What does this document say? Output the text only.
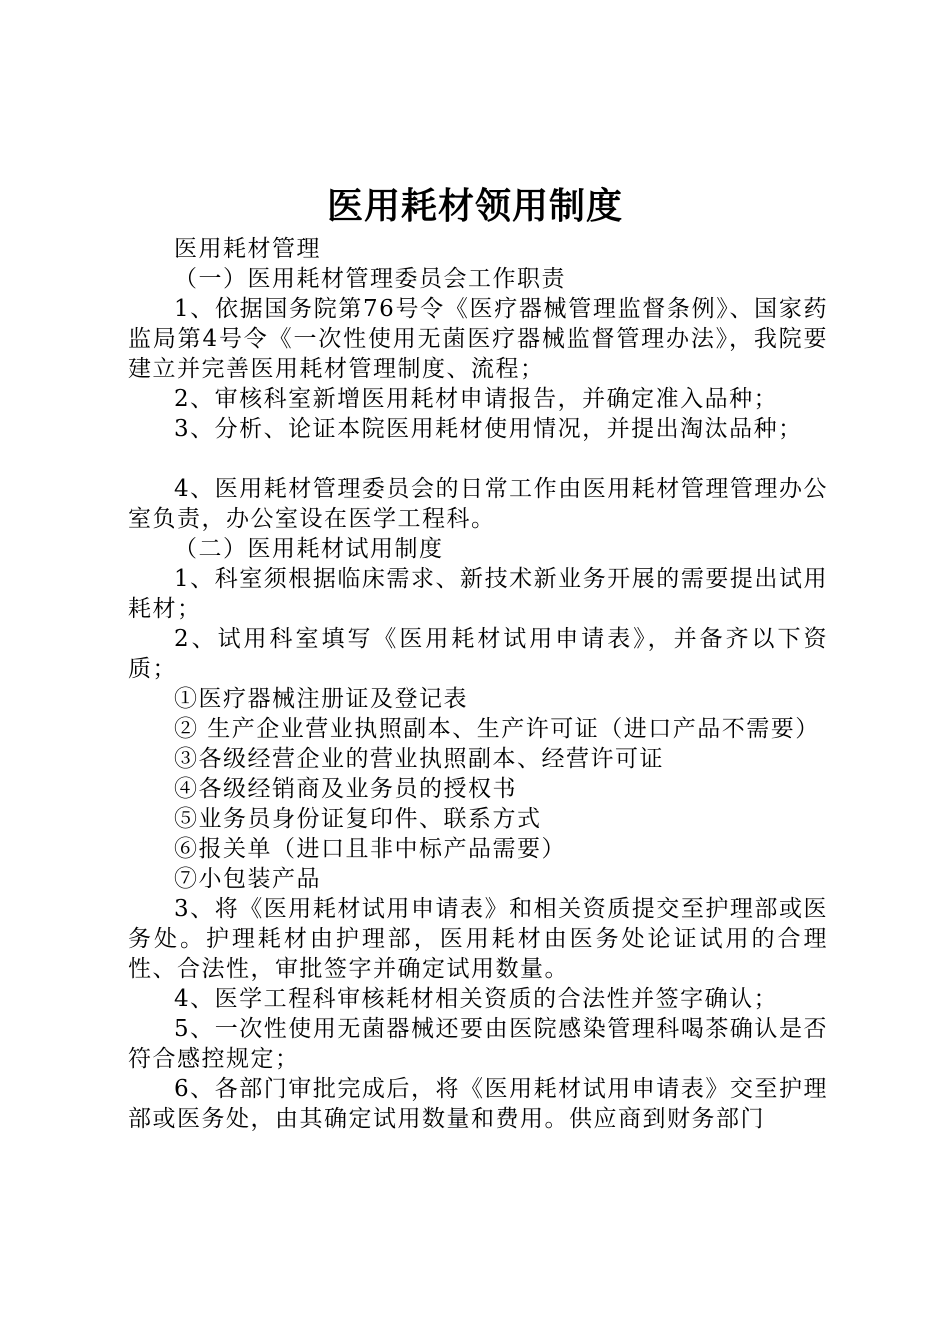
医用耗材领用制度

医用耗材管理

（一）医用耗材管理委员会工作职责

1、依据国务院第76号令《医疗器械管理监督条例》、国家药监局第4号令《一次性使用无菌医疗器械监督管理办法》，我院要建立并完善医用耗材管理制度、流程；

2、审核科室新增医用耗材申请报告，并确定准入品种；

3、分析、论证本院医用耗材使用情况，并提出淘汰品种；

4、医用耗材管理委员会的日常工作由医用耗材管理管理办公室负责，办公室设在医学工程科。

（二）医用耗材试用制度

1、科室须根据临床需求、新技术新业务开展的需要提出试用耗材；

2、试用科室填写《医用耗材试用申请表》，并备齐以下资质；

①医疗器械注册证及登记表

② 生产企业营业执照副本、生产许可证（进口产品不需要）

③各级经营企业的营业执照副本、经营许可证

④各级经销商及业务员的授权书

⑤业务员身份证复印件、联系方式

⑥报关单（进口且非中标产品需要）

⑦小包装产品

3、将《医用耗材试用申请表》和相关资质提交至护理部或医务处。护理耗材由护理部，医用耗材由医务处论证试用的合理性、合法性，审批签字并确定试用数量。

4、医学工程科审核耗材相关资质的合法性并签字确认；

5、一次性使用无菌器械还要由医院感染管理科喝茶确认是否符合感控规定；

6、各部门审批完成后，将《医用耗材试用申请表》交至护理部或医务处，由其确定试用数量和费用。供应商到财务部门
